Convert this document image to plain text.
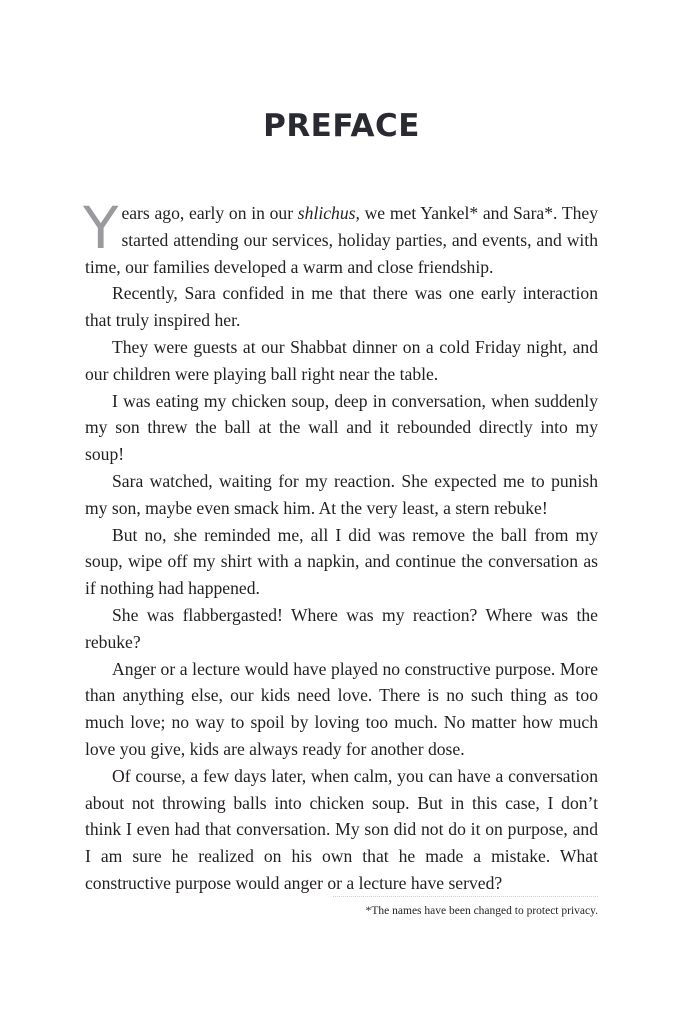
PREFACE

Years ago, early on in our shlichus, we met Yankel* and Sara*. They started attending our services, holiday parties, and events, and with time, our families developed a warm and close friendship.

Recently, Sara confided in me that there was one early interaction that truly inspired her.

They were guests at our Shabbat dinner on a cold Friday night, and our children were playing ball right near the table.

I was eating my chicken soup, deep in conversation, when suddenly my son threw the ball at the wall and it rebounded directly into my soup!

Sara watched, waiting for my reaction. She expected me to punish my son, maybe even smack him. At the very least, a stern rebuke!

But no, she reminded me, all I did was remove the ball from my soup, wipe off my shirt with a napkin, and continue the conversation as if nothing had happened.

She was flabbergasted! Where was my reaction? Where was the rebuke?

Anger or a lecture would have played no constructive purpose. More than anything else, our kids need love. There is no such thing as too much love; no way to spoil by loving too much. No matter how much love you give, kids are always ready for another dose.

Of course, a few days later, when calm, you can have a conversation about not throwing balls into chicken soup. But in this case, I don’t think I even had that conversation. My son did not do it on purpose, and I am sure he realized on his own that he made a mistake. What constructive purpose would anger or a lecture have served?

*The names have been changed to protect privacy.
